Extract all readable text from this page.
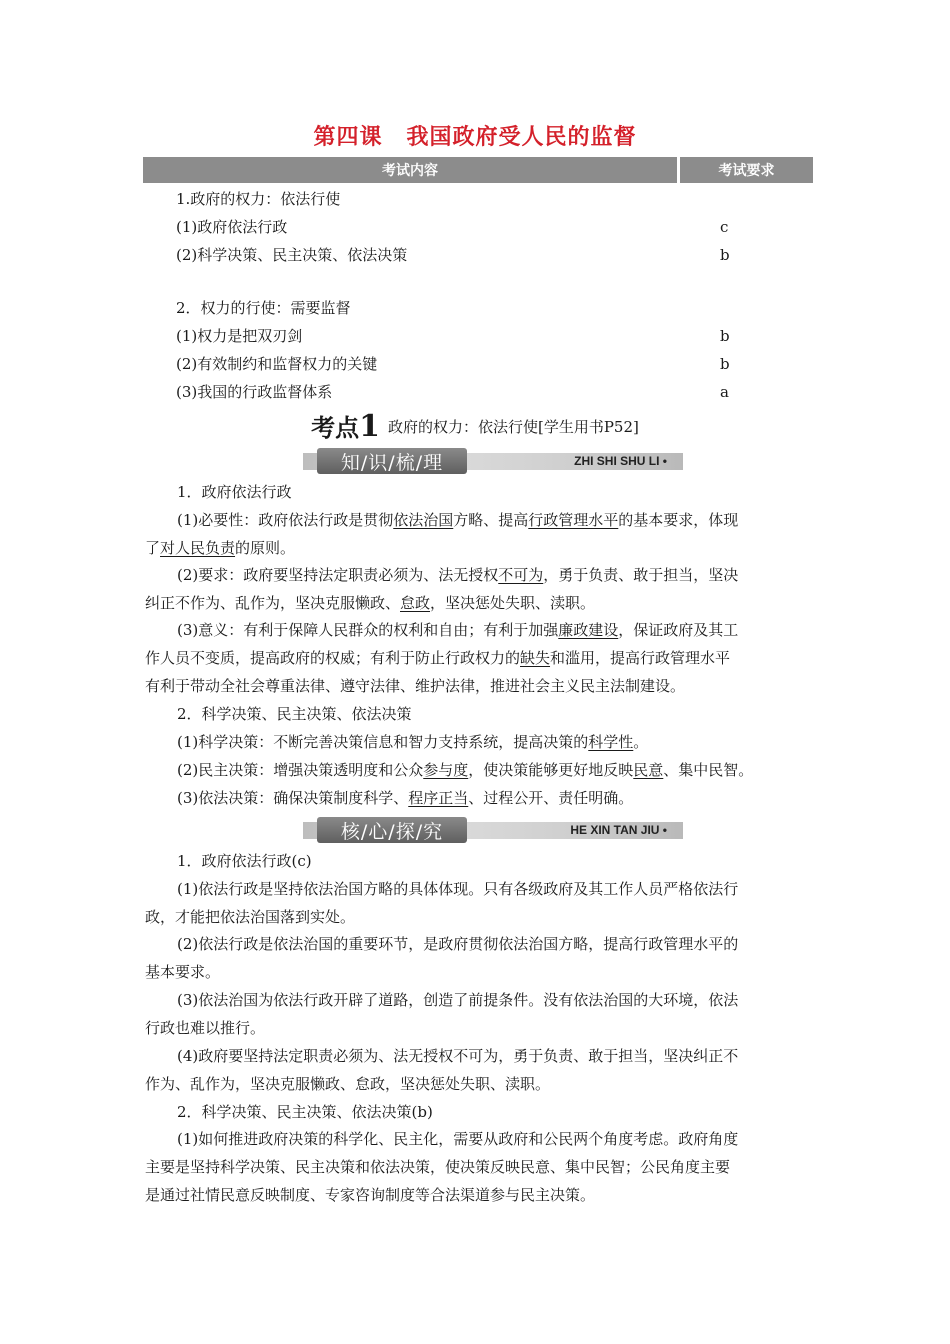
第四课 我国政府受人民的监督
考试内容	考试要求
1.政府的权力：依法行使
(1)政府依法行政	c
(2)科学决策、民主决策、依法决策	b
2．权力的行使：需要监督
(1)权力是把双刃剑	b
(2)有效制约和监督权力的关键	b
(3)我国的行政监督体系	a
考点1 政府的权力：依法行使[学生用书P52]
知/识/梳/理	ZHI SHI SHU LI •
1．政府依法行政
(1)必要性：政府依法行政是贯彻依法治国方略、提高行政管理水平的基本要求，体现
了对人民负责的原则。
(2)要求：政府要坚持法定职责必须为、法无授权不可为，勇于负责、敢于担当，坚决
纠正不作为、乱作为，坚决克服懒政、怠政，坚决惩处失职、渎职。
(3)意义：有利于保障人民群众的权利和自由；有利于加强廉政建设，保证政府及其工
作人员不变质，提高政府的权威；有利于防止行政权力的缺失和滥用，提高行政管理水平
有利于带动全社会尊重法律、遵守法律、维护法律，推进社会主义民主法制建设。
2．科学决策、民主决策、依法决策
(1)科学决策：不断完善决策信息和智力支持系统，提高决策的科学性。
(2)民主决策：增强决策透明度和公众参与度，使决策能够更好地反映民意、集中民智。
(3)依法决策：确保决策制度科学、程序正当、过程公开、责任明确。
核/心/探/究	HE XIN TAN JIU •
1．政府依法行政(c)
(1)依法行政是坚持依法治国方略的具体体现。只有各级政府及其工作人员严格依法行
政，才能把依法治国落到实处。
(2)依法行政是依法治国的重要环节，是政府贯彻依法治国方略，提高行政管理水平的
基本要求。
(3)依法治国为依法行政开辟了道路，创造了前提条件。没有依法治国的大环境，依法
行政也难以推行。
(4)政府要坚持法定职责必须为、法无授权不可为，勇于负责、敢于担当，坚决纠正不
作为、乱作为，坚决克服懒政、怠政，坚决惩处失职、渎职。
2．科学决策、民主决策、依法决策(b)
(1)如何推进政府决策的科学化、民主化，需要从政府和公民两个角度考虑。政府角度
主要是坚持科学决策、民主决策和依法决策，使决策反映民意、集中民智；公民角度主要
是通过社情民意反映制度、专家咨询制度等合法渠道参与民主决策。
